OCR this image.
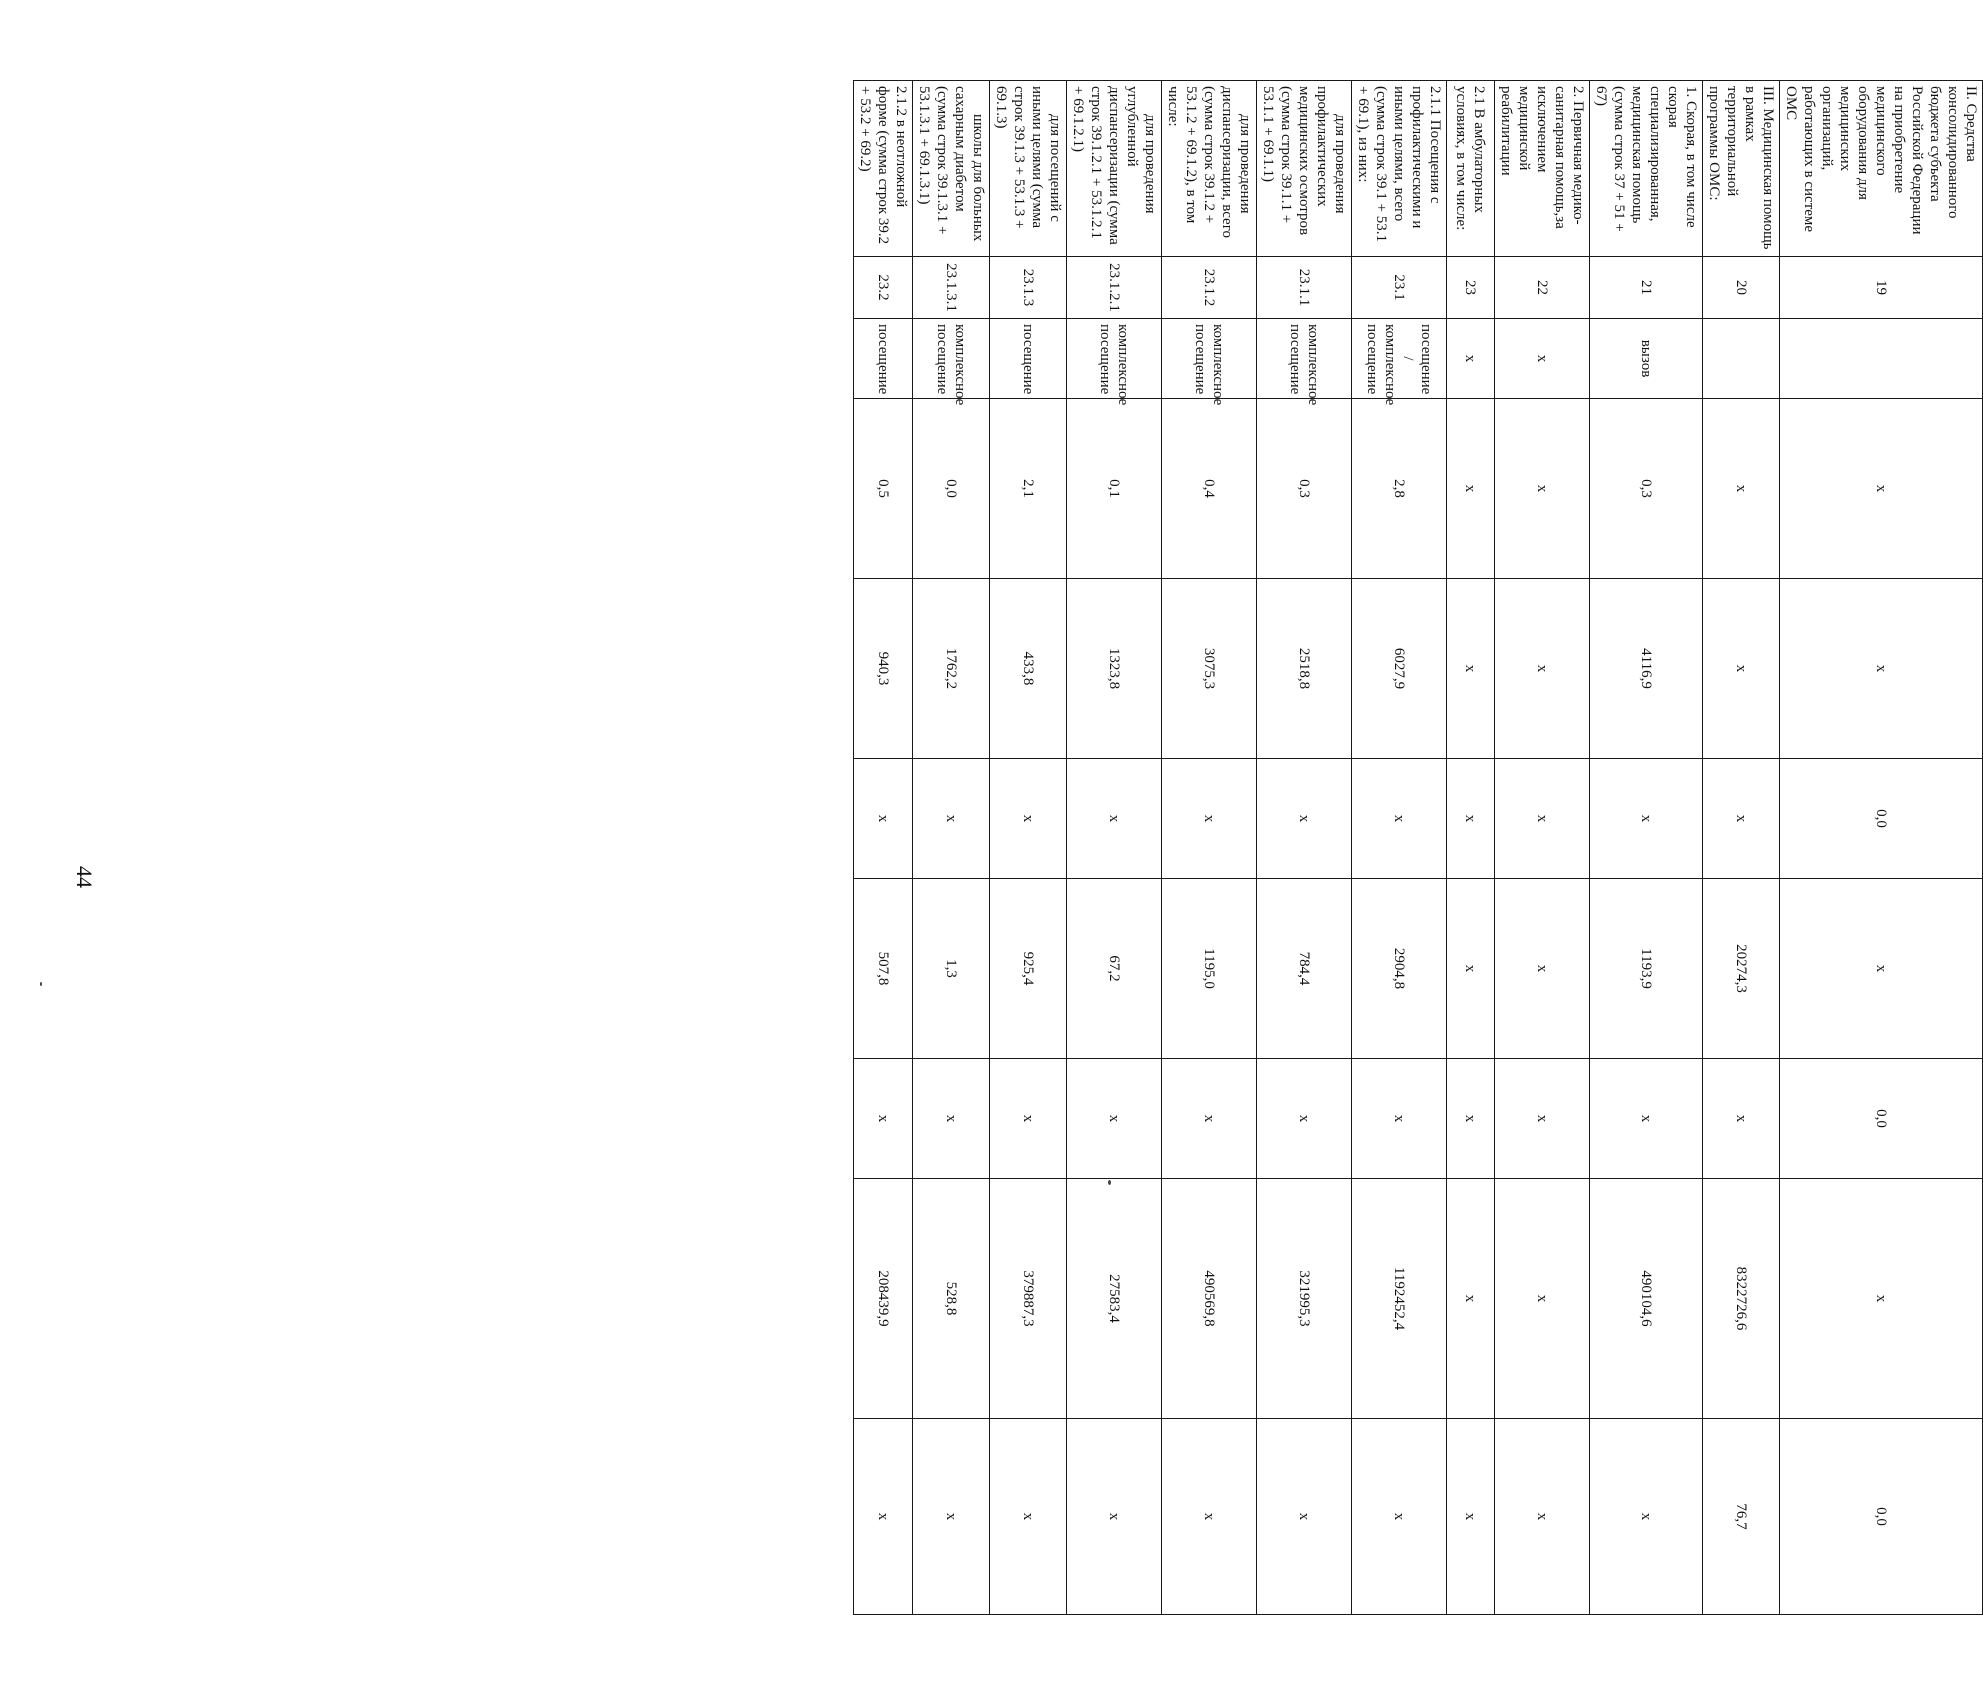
44
II. Средства консолидированного бюджета субъекта Российской Федерации на приобретение медицинского оборудования для медицинских организаций, работающих в системе ОМС	19		x	x	0,0	x	0,0	x	0,0
III. Медицинская помощь в рамках территориальной программы ОМС:	20		x	x	x	20274,3	x	8322726,6	76,7
1. Скорая, в том числе скорая специализированная, медицинская помощь (сумма строк 37 + 51 + 67)	21	вызов	0,3	4116,9	x	1193,9	x	490104,6	x
2. Первичная медико-санитарная помощь,за исключением медицинской реабилитации	22	x	x	x	x	x	x	x	x
2.1 В амбулаторных условиях, в том числе:	23	x	x	x	x	x	x	x	x
2.1.1 Посещения с профилактическими и иными целями, всего (сумма строк 39.1 + 53.1 + 69.1), из них:	23.1	посещение / комплексное посещение	2,8	6027,9	x	2904,8	x	1192452,4	x
для проведения профилактических медицинских осмотров (сумма строк 39.1.1 + 53.1.1 + 69.1.1)	23.1.1	комплексное посещение	0,3	2518,8	x	784,4	x	321995,3	x
для проведения диспансеризации, всего (сумма строк 39.1.2 + 53.1.2 + 69.1.2), в том числе:	23.1.2	комплексное посещение	0,4	3075,3	x	1195,0	x	490569,8	x
для проведения углубленной диспансеризации (сумма строк 39.1.2.1 + 53.1.2.1 + 69.1.2.1)	23.1.2.1	комплексное посещение	0,1	1323,8	x	67,2	x	27583,4	x
для посещений с иными целями (сумма строк 39.1.3 + 53.1.3 + 69.1.3)	23.1.3	посещение	2,1	433,8	x	925,4	x	379887,3	x
школы для больных сахарным диабетом (сумма строк 39.1.3.1 + 53.1.3.1 + 69.1.3.1)	23.1.3.1	комплексное посещение	0,0	1762,2	x	1,3	x	528,8	x
2.1.2 в неотложной форме (сумма строк 39.2 + 53.2 + 69.2)	23.2	посещение	0,5	940,3	x	507,8	x	208439,9	x
